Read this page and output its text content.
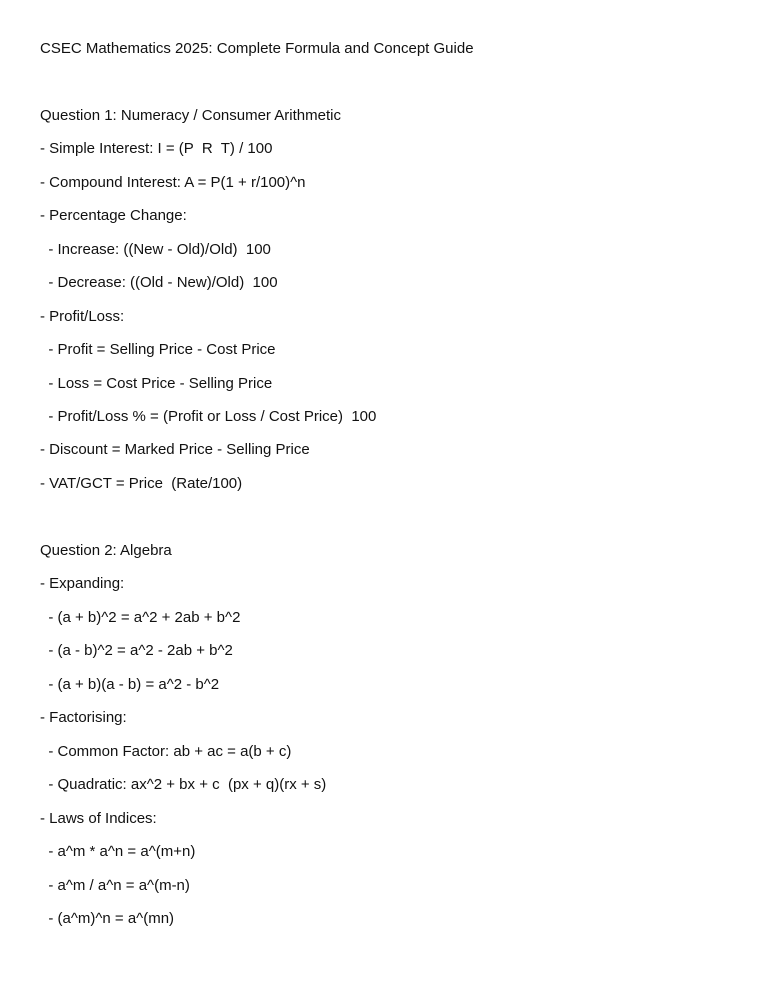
CSEC Mathematics 2025: Complete Formula and Concept Guide
Question 1: Numeracy / Consumer Arithmetic
- Simple Interest: I = (P  R  T) / 100
- Compound Interest: A = P(1 + r/100)^n
- Percentage Change:
- Increase: ((New - Old)/Old)  100
- Decrease: ((Old - New)/Old)  100
- Profit/Loss:
- Profit = Selling Price - Cost Price
- Loss = Cost Price - Selling Price
- Profit/Loss % = (Profit or Loss / Cost Price)  100
- Discount = Marked Price - Selling Price
- VAT/GCT = Price  (Rate/100)
Question 2: Algebra
- Expanding:
- (a + b)^2 = a^2 + 2ab + b^2
- (a - b)^2 = a^2 - 2ab + b^2
- (a + b)(a - b) = a^2 - b^2
- Factorising:
- Common Factor: ab + ac = a(b + c)
- Quadratic: ax^2 + bx + c  (px + q)(rx + s)
- Laws of Indices:
- a^m * a^n = a^(m+n)
- a^m / a^n = a^(m-n)
- (a^m)^n = a^(mn)
